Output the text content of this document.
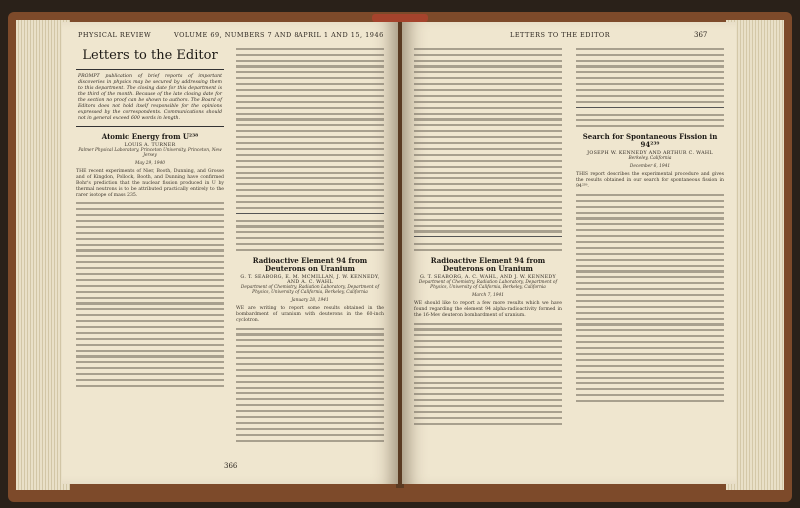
PHYSICAL REVIEW	VOLUME 69, NUMBERS 7 AND 8 APRIL 1 AND 15, 1946
Letters to the Editor
PROMPT publication of brief reports of important discoveries in physics may be secured by addressing them to this department. The closing date for this department is the third of the month. Because of the late closing date for the section no proof can be shown to authors. The Board of Editors does not hold itself responsible for the opinions expressed by the correspondents. Communications should not in general exceed 600 words in length.
Atomic Energy from U²³⁸
LOUIS A. TURNER
Palmer Physical Laboratory, Princeton University, Princeton, New Jersey
May 29, 1940
THE recent experiments of Nier, Booth, Dunning, and Grosse and of Kingdon, Pollock, Booth, and Dunning have confirmed Bohr's prediction that the nuclear fission produced in U by thermal neutrons is to be attributed practically entirely to the rarer isotope of mass 235.
Radioactive Element 94 from Deuterons on Uranium
G. T. SEABORG, E. M. MCMILLAN, J. W. KENNEDY, AND A. C. WAHL
Department of Chemistry, Radiation Laboratory, Department of Physics, University of California, Berkeley, California
January 28, 1941
WE are writing to report some results obtained in the bombardment of uranium with deuterons in the 60-inch cyclotron.
366
LETTERS TO THE EDITOR	367
Radioactive Element 94 from Deuterons on Uranium
G. T. SEABORG, A. C. WAHL, AND J. W. KENNEDY
Department of Chemistry, Radiation Laboratory, Department of Physics, University of California, Berkeley, California
March 7, 1941
WE should like to report a few more results which we have found regarding the element 94 alpha-radioactivity formed in the 16-Mev deuteron bombardment of uranium.
Search for Spontaneous Fission in 94²³⁹
JOSEPH W. KENNEDY AND ARTHUR C. WAHL
Berkeley, California
December 6, 1941
THIS report describes the experimental procedure and gives the results obtained in our search for spontaneous fission in 94²³⁹.
